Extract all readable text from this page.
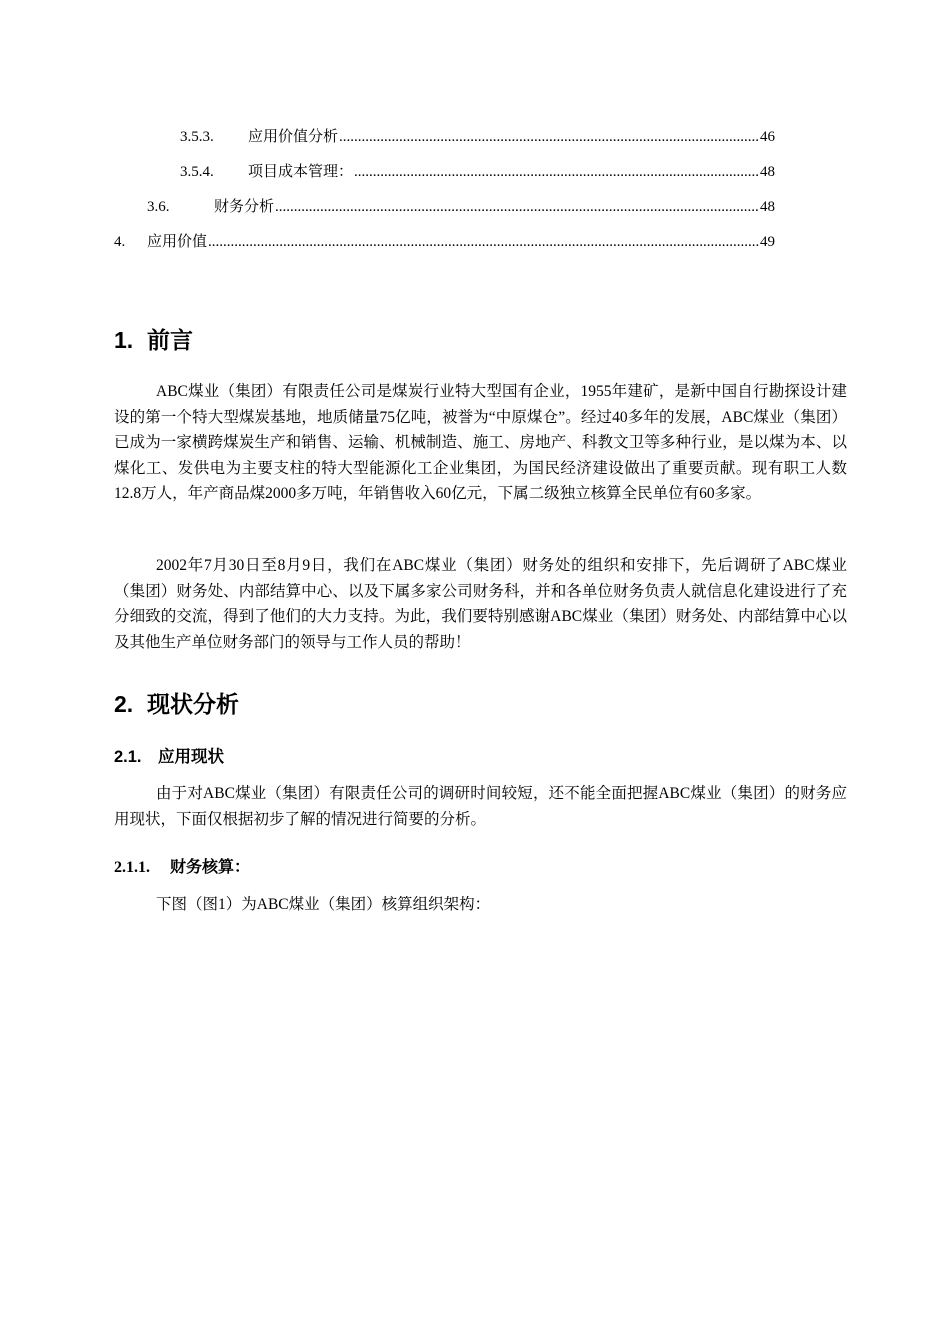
3.5.3.	应用价值分析 .....	46
3.5.4.	项目成本管理： .....	48
3.6.	财务分析 .....	48
4.	应用价值 .....	49
1. 前言

ABC煤业（集团）有限责任公司是煤炭行业特大型国有企业，1955年建矿，是新中国自行勘探设计建设的第一个特大型煤炭基地，地质储量75亿吨，被誉为“中原煤仓”。经过40多年的发展，ABC煤业（集团）已成为一家横跨煤炭生产和销售、运输、机械制造、施工、房地产、科教文卫等多种行业，是以煤为本、以煤化工、发供电为主要支柱的特大型能源化工企业集团，为国民经济建设做出了重要贡献。现有职工人数12.8万人，年产商品煤2000多万吨，年销售收入60亿元，下属二级独立核算全民单位有60多家。

2002年7月30日至8月9日，我们在ABC煤业（集团）财务处的组织和安排下，先后调研了ABC煤业（集团）财务处、内部结算中心、以及下属多家公司财务科，并和各单位财务负责人就信息化建设进行了充分细致的交流，得到了他们的大力支持。为此，我们要特别感谢ABC煤业（集团）财务处、内部结算中心以及其他生产单位财务部门的领导与工作人员的帮助！

2. 现状分析
2.1. 应用现状

由于对ABC煤业（集团）有限责任公司的调研时间较短，还不能全面把握ABC煤业（集团）的财务应用现状，下面仅根据初步了解的情况进行简要的分析。

2.1.1. 财务核算：

下图（图1）为ABC煤业（集团）核算组织架构：
